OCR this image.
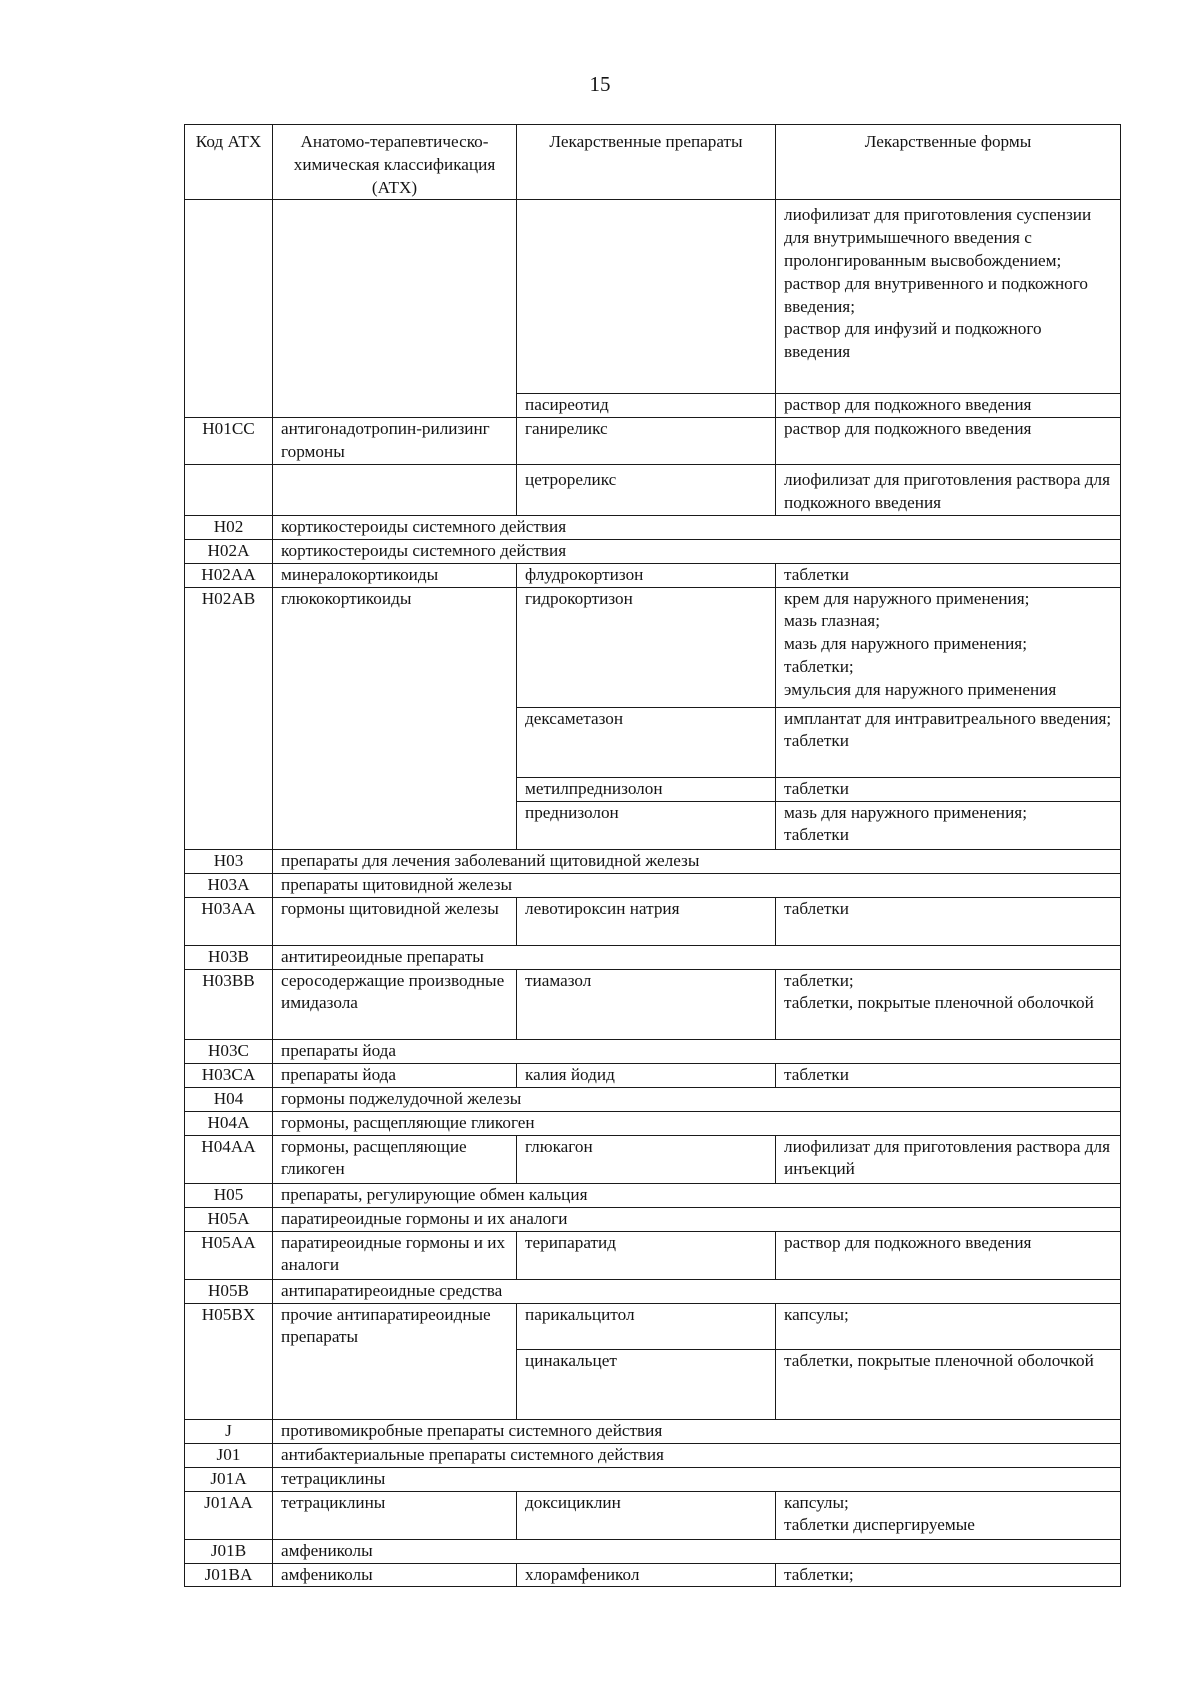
15
Код АТХ	Анатомо-терапевтическо-химическая классификация (АТХ)	Лекарственные препараты	Лекарственные формы
			лиофилизат для приготовления суспензии для внутримышечного введения с пролонгированным высвобождением;
раствор для внутривенного и подкожного введения;
раствор для инфузий и подкожного введения
		пасиреотид	раствор для подкожного введения
H01CC	антигонадотропин-рилизинг гормоны	ганиреликс	раствор для подкожного введения
		цетрореликс	лиофилизат для приготовления раствора для подкожного введения
H02	кортикостероиды системного действия		
H02A	кортикостероиды системного действия		
H02AA	минералокортикоиды	флудрокортизон	таблетки
H02AB	глюкокортикоиды	гидрокортизон	крем для наружного применения;
мазь глазная;
мазь для наружного применения;
таблетки;
эмульсия для наружного применения
		дексаметазон	имплантат для интравитреального введения;
таблетки
		метилпреднизолон	таблетки
		преднизолон	мазь для наружного применения;
таблетки
H03	препараты для лечения заболеваний щитовидной железы		
H03A	препараты щитовидной железы		
H03AA	гормоны щитовидной железы	левотироксин натрия	таблетки
H03B	антитиреоидные препараты		
H03BB	серосодержащие производные имидазола	тиамазол	таблетки;
таблетки, покрытые пленочной оболочкой
H03C	препараты йода		
H03CA	препараты йода	калия йодид	таблетки
H04	гормоны поджелудочной железы		
H04A	гормоны, расщепляющие гликоген		
H04AA	гормоны, расщепляющие гликоген	глюкагон	лиофилизат для приготовления раствора для инъекций
H05	препараты, регулирующие обмен кальция		
H05A	паратиреоидные гормоны и их аналоги		
H05AA	паратиреоидные гормоны и их аналоги	терипаратид	раствор для подкожного введения
H05B	антипаратиреоидные средства		
H05BX	прочие антипаратиреоидные препараты	парикальцитол	капсулы;
		цинакальцет	таблетки, покрытые пленочной оболочкой
J	противомикробные препараты системного действия		
J01	антибактериальные препараты системного действия		
J01A	тетрациклины		
J01AA	тетрациклины	доксициклин	капсулы;
таблетки диспергируемые
J01B	амфениколы		
J01BA	амфениколы	хлорамфеникол	таблетки;
